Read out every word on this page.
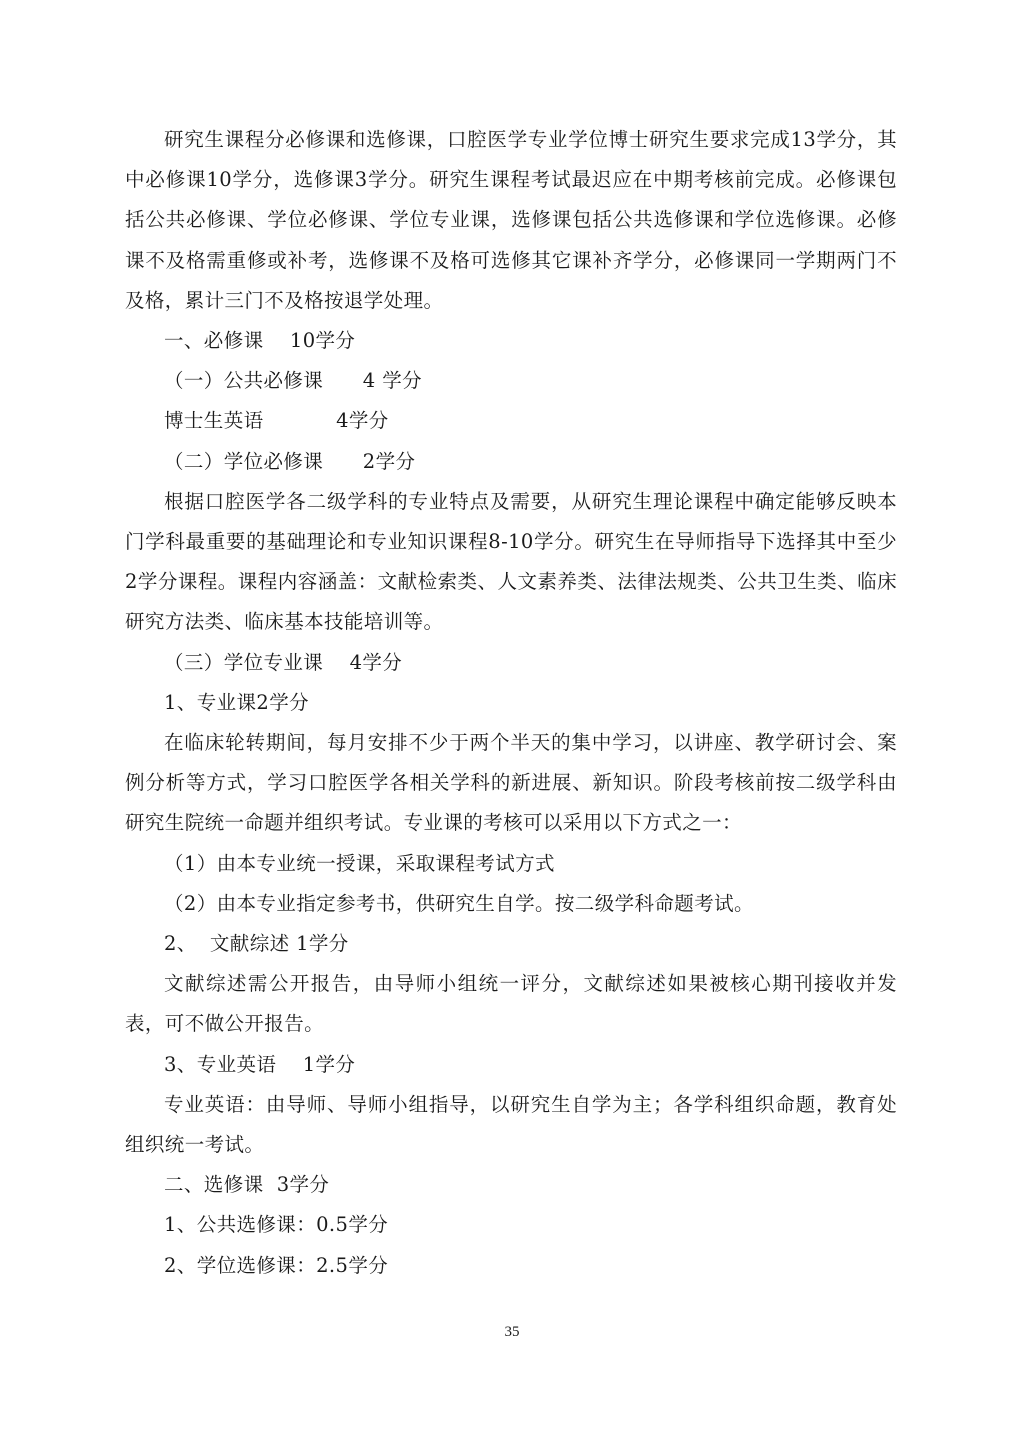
研究生课程分必修课和选修课，口腔医学专业学位博士研究生要求完成13学分，其中必修课10学分，选修课3学分。研究生课程考试最迟应在中期考核前完成。必修课包括公共必修课、学位必修课、学位专业课，选修课包括公共选修课和学位选修课。必修课不及格需重修或补考，选修课不及格可选修其它课补齐学分，必修课同一学期两门不及格，累计三门不及格按退学处理。

一、必修课    10学分

（一）公共必修课      4 学分

博士生英语           4学分

（二）学位必修课      2学分

根据口腔医学各二级学科的专业特点及需要，从研究生理论课程中确定能够反映本门学科最重要的基础理论和专业知识课程8-10学分。研究生在导师指导下选择其中至少2学分课程。课程内容涵盖：文献检索类、人文素养类、法律法规类、公共卫生类、临床研究方法类、临床基本技能培训等。

（三）学位专业课    4学分

1、专业课2学分

在临床轮转期间，每月安排不少于两个半天的集中学习，以讲座、教学研讨会、案例分析等方式，学习口腔医学各相关学科的新进展、新知识。阶段考核前按二级学科由研究生院统一命题并组织考试。专业课的考核可以采用以下方式之一：

（1）由本专业统一授课，采取课程考试方式

（2）由本专业指定参考书，供研究生自学。按二级学科命题考试。

2、  文献综述 1学分

文献综述需公开报告，由导师小组统一评分，文献综述如果被核心期刊接收并发表，可不做公开报告。

3、专业英语    1学分

专业英语：由导师、导师小组指导，以研究生自学为主；各学科组织命题，教育处组织统一考试。

二、选修课  3学分

1、公共选修课：0.5学分

2、学位选修课：2.5学分

35
